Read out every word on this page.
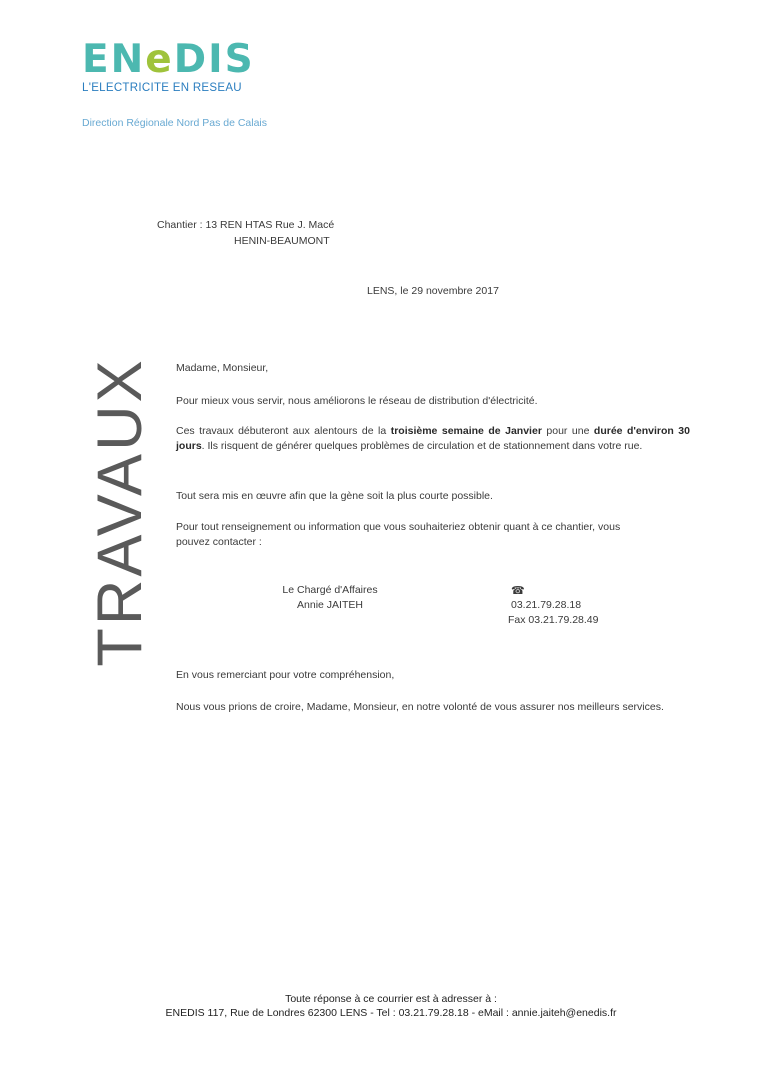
ENeDIS
L'ELECTRICITE EN RESEAU
Direction Régionale Nord Pas de Calais
Chantier : 13 REN HTAS Rue J. Macé
HENIN-BEAUMONT
LENS, le 29 novembre 2017
TRAVAUX Madame, Monsieur,

Pour mieux vous servir, nous améliorons le réseau de distribution d'électricité.

Ces travaux débuteront aux alentours de la troisième semaine de Janvier pour une durée d'environ 30 jours. Ils risquent de générer quelques problèmes de circulation et de stationnement dans votre rue.

Tout sera mis en œuvre afin que la gène soit la plus courte possible.

Pour tout renseignement ou information que vous souhaiteriez obtenir quant à ce chantier, vous
pouvez contacter :

Le Chargé d'Affaires
Annie JAITEH
☎
03.21.79.28.18
Fax 03.21.79.28.49
En vous remerciant pour votre compréhension,

Nous vous prions de croire, Madame, Monsieur, en notre volonté de vous assurer nos meilleurs services.

Toute réponse à ce courrier est à adresser à :
ENEDIS 117, Rue de Londres 62300 LENS - Tel : 03.21.79.28.18 - eMail : annie.jaiteh@enedis.fr
